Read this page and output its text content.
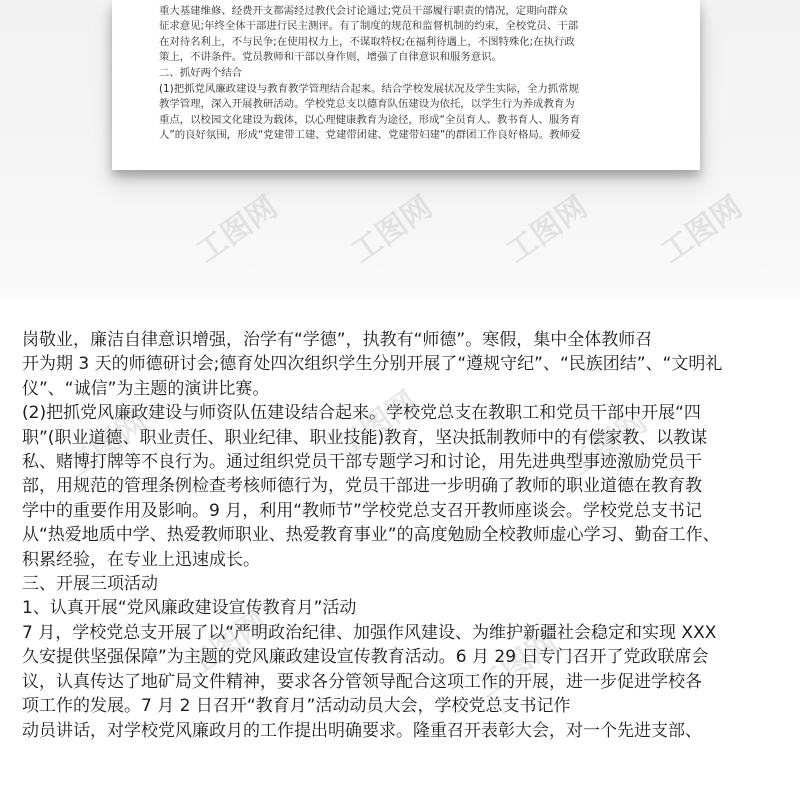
重大基建维修、经费开支都需经过教代会讨论通过;党员干部履行职责的情况，定期向群众

征求意见;年终全体干部进行民主测评。有了制度的规范和监督机制的约束，全校党员、干部

在对待名利上，不与民争;在使用权力上，不谋取特权;在福利待遇上，不图特殊化;在执行政

策上，不讲条件。党员教师和干部以身作则，增强了自律意识和服务意识。

二、抓好两个结合

(1)把抓党风廉政建设与教育教学管理结合起来。结合学校发展状况及学生实际，全力抓常规

教学管理，深入开展教研活动。学校党总支以德育队伍建设为依托，以学生行为养成教育为

重点，以校园文化建设为载体，以心理健康教育为途径，形成“全员育人、教书育人、服务育

人”的良好氛围，形成“党建带工建、党建带团建、党建带妇建”的群团工作良好格局。教师爱

工图网 工图网 工图网 工图网
工图网	工图网	工图网
工图网	工图网

岗敬业，廉洁自律意识增强，治学有“学德”，执教有“师德”。寒假，集中全体教师召

开为期 3 天的师德研讨会;德育处四次组织学生分别开展了“遵规守纪”、“民族团结”、“文明礼

仪”、“诚信”为主题的演讲比赛。

(2)把抓党风廉政建设与师资队伍建设结合起来。学校党总支在教职工和党员干部中开展“四

职”(职业道德、职业责任、职业纪律、职业技能)教育，坚决抵制教师中的有偿家教、以教谋

私、赌博打牌等不良行为。通过组织党员干部专题学习和讨论，用先进典型事迹激励党员干

部，用规范的管理条例检查考核师德行为，党员干部进一步明确了教师的职业道德在教育教

学中的重要作用及影响。9 月，利用“教师节”学校党总支召开教师座谈会。学校党总支书记

从“热爱地质中学、热爱教师职业、热爱教育事业”的高度勉励全校教师虚心学习、勤奋工作、

积累经验，在专业上迅速成长。

三、开展三项活动

1、认真开展“党风廉政建设宣传教育月”活动

7 月，学校党总支开展了以“严明政治纪律、加强作风建设、为维护新疆社会稳定和实现 XXX

久安提供坚强保障”为主题的党风廉政建设宣传教育活动。6 月 29 日专门召开了党政联席会

议，认真传达了地矿局文件精神，要求各分管领导配合这项工作的开展，进一步促进学校各

项工作的发展。7 月 2 日召开“教育月”活动动员大会，学校党总支书记作

动员讲话，对学校党风廉政月的工作提出明确要求。隆重召开表彰大会，对一个先进支部、
